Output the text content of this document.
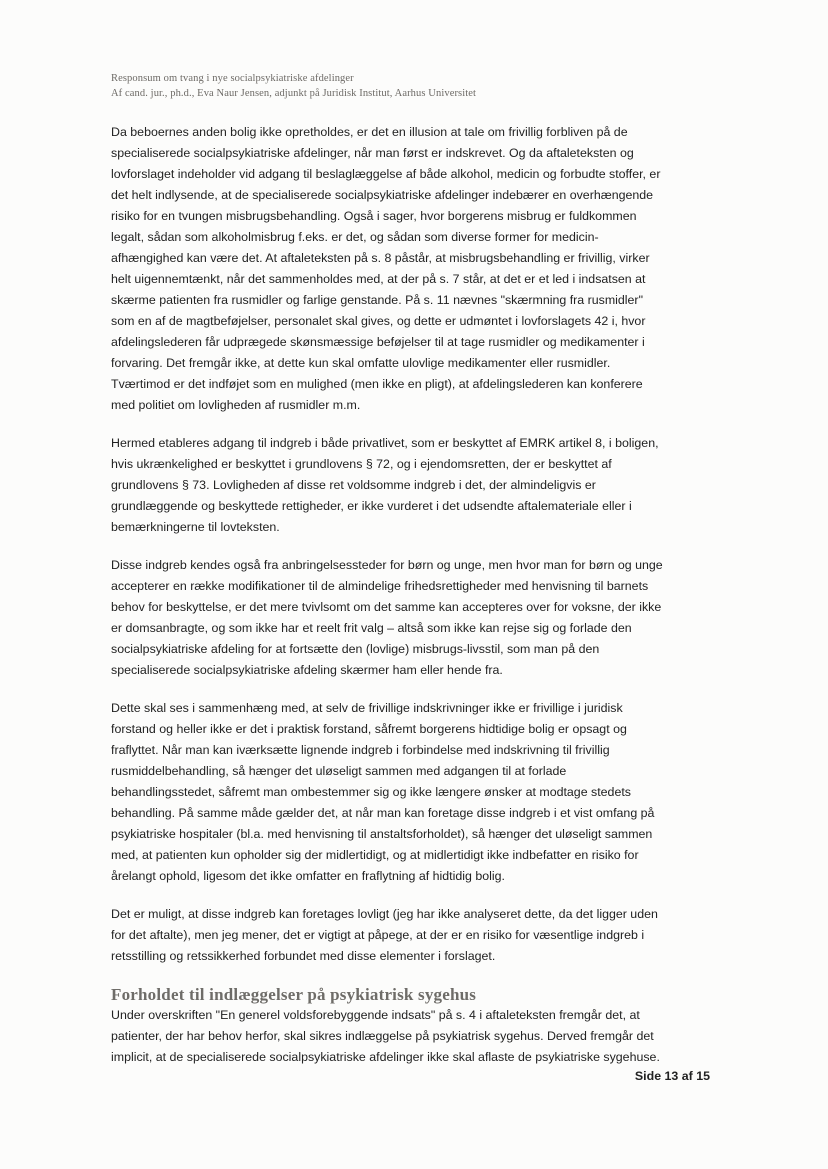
Responsum om tvang i nye socialpsykiatriske afdelinger
Af cand. jur., ph.d., Eva Naur Jensen, adjunkt på Juridisk Institut, Aarhus Universitet
Da beboernes anden bolig ikke opretholdes, er det en illusion at tale om frivillig forbliven på de
specialiserede socialpsykiatriske afdelinger, når man først er indskrevet. Og da aftaleteksten og
lovforslaget indeholder vid adgang til beslaglæggelse af både alkohol, medicin og forbudte stoffer, er
det helt indlysende, at de specialiserede socialpsykiatriske afdelinger indebærer en overhængende
risiko for en tvungen misbrugsbehandling. Også i sager, hvor borgerens misbrug er fuldkommen
legalt, sådan som alkoholmisbrug f.eks. er det, og sådan som diverse former for medicin-
afhængighed kan være det. At aftaleteksten på s. 8 påstår, at misbrugsbehandling er frivillig, virker
helt uigennemtænkt, når det sammenholdes med, at der på s. 7 står, at det er et led i indsatsen at
skærme patienten fra rusmidler og farlige genstande. På s. 11 nævnes "skærmning fra rusmidler"
som en af de magtbeføjelser, personalet skal gives, og dette er udmøntet i lovforslagets 42 i, hvor
afdelingslederen får udprægede skønsmæssige beføjelser til at tage rusmidler og medikamenter i
forvaring. Det fremgår ikke, at dette kun skal omfatte ulovlige medikamenter eller rusmidler.
Tværtimod er det indføjet som en mulighed (men ikke en pligt), at afdelingslederen kan konferere
med politiet om lovligheden af rusmidler m.m.
Hermed etableres adgang til indgreb i både privatlivet, som er beskyttet af EMRK artikel 8, i boligen,
hvis ukrænkelighed er beskyttet i grundlovens § 72, og i ejendomsretten, der er beskyttet af
grundlovens § 73. Lovligheden af disse ret voldsomme indgreb i det, der almindeligvis er
grundlæggende og beskyttede rettigheder, er ikke vurderet i det udsendte aftalemateriale eller i
bemærkningerne til lovteksten.
Disse indgreb kendes også fra anbringelsessteder for børn og unge, men hvor man for børn og unge
accepterer en række modifikationer til de almindelige frihedsrettigheder med henvisning til barnets
behov for beskyttelse, er det mere tvivlsomt om det samme kan accepteres over for voksne, der ikke
er domsanbragte, og som ikke har et reelt frit valg – altså som ikke kan rejse sig og forlade den
socialpsykiatriske afdeling for at fortsætte den (lovlige) misbrugs-livsstil, som man på den
specialiserede socialpsykiatriske afdeling skærmer ham eller hende fra.
Dette skal ses i sammenhæng med, at selv de frivillige indskrivninger ikke er frivillige i juridisk
forstand og heller ikke er det i praktisk forstand, såfremt borgerens hidtidige bolig er opsagt og
fraflyttet. Når man kan iværksætte lignende indgreb i forbindelse med indskrivning til frivillig
rusmiddelbehandling, så hænger det uløseligt sammen med adgangen til at forlade
behandlingsstedet, såfremt man ombestemmer sig og ikke længere ønsker at modtage stedets
behandling. På samme måde gælder det, at når man kan foretage disse indgreb i et vist omfang på
psykiatriske hospitaler (bl.a. med henvisning til anstaltsforholdet), så hænger det uløseligt sammen
med, at patienten kun opholder sig der midlertidigt, og at midlertidigt ikke indbefatter en risiko for
årelangt ophold, ligesom det ikke omfatter en fraflytning af hidtidig bolig.
Det er muligt, at disse indgreb kan foretages lovligt (jeg har ikke analyseret dette, da det ligger uden
for det aftalte), men jeg mener, det er vigtigt at påpege, at der er en risiko for væsentlige indgreb i
retsstilling og retssikkerhed forbundet med disse elementer i forslaget.
Forholdet til indlæggelser på psykiatrisk sygehus
Under overskriften "En generel voldsforebyggende indsats" på s. 4 i aftaleteksten fremgår det, at
patienter, der har behov herfor, skal sikres indlæggelse på psykiatrisk sygehus. Derved fremgår det
implicit, at de specialiserede socialpsykiatriske afdelinger ikke skal aflaste de psykiatriske sygehuse.
Side 13 af 15
